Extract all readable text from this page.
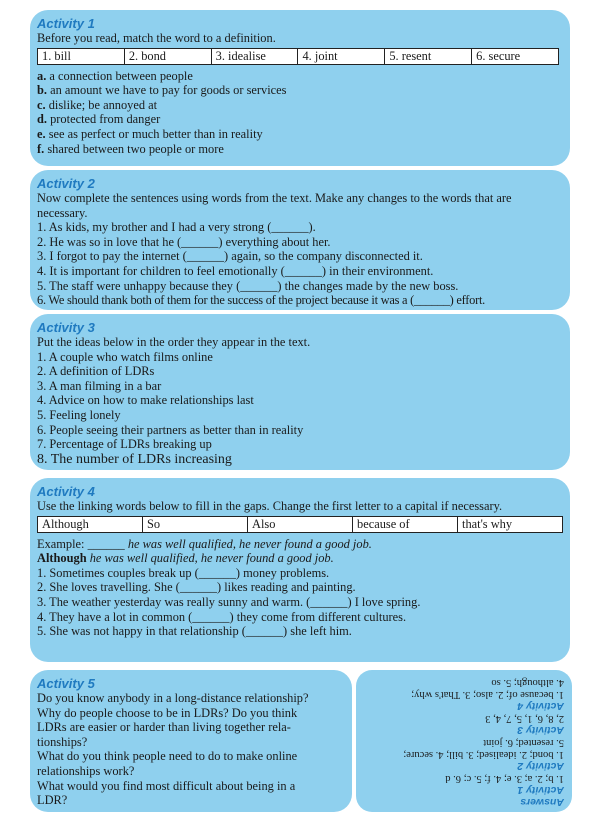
Activity 1
Before you read, match the word to a definition.
1. bill	2. bond	3. idealise	4. joint	5. resent	6. secure
a. a connection between people
b. an amount we have to pay for goods or services
c. dislike; be annoyed at
d. protected from danger
e. see as perfect or much better than in reality
f. shared between two people or more
Activity 2
Now complete the sentences using words from the text. Make any changes to the words that are necessary.
1. As kids, my brother and I had a very strong (______).
2. He was so in love that he (______) everything about her.
3. I forgot to pay the internet (______) again, so the company disconnected it.
4. It is important for children to feel emotionally (______) in their environment.
5. The staff were unhappy because they (______) the changes made by the new boss.
6. We should thank both of them for the success of the project because it was a (______) effort.
Activity 3
Put the ideas below in the order they appear in the text.
1. A couple who watch films online
2. A definition of LDRs
3. A man filming in a bar
4. Advice on how to make relationships last
5. Feeling lonely
6. People seeing their partners as better than in reality
7. Percentage of LDRs breaking up
8. The number of LDRs increasing
Activity 4
Use the linking words below to fill in the gaps. Change the first letter to a capital if necessary.
Although	So	Also	because of	that's why
Example: ______ he was well qualified, he never found a good job.
Although he was well qualified, he never found a good job.
1. Sometimes couples break up (______) money problems.
2. She loves travelling. She (______) likes reading and painting.
3. The weather yesterday was really sunny and warm. (______) I love spring.
4. They have a lot in common (______) they come from different cultures.
5. She was not happy in that relationship (______) she left him.
Activity 5
Do you know anybody in a long-distance relationship?
Why do people choose to be in LDRs? Do you think
LDRs are easier or harder than living together rela-
tionships?
What do you think people need to do to make online
relationships work?
What would you find most difficult about being in a
LDR?	Answers
Activity 1
1. b; 2. a; 3. e; 4. f; 5. c; 6. d
Activity 2
1. bond; 2. idealised; 3. bill; 4. secure;
5. resented; 6. joint
Activity 3
2, 8, 6, 1, 5, 7, 4, 3
Activity 4
1. because of; 2. also; 3. That's why;
4. although; 5. so
